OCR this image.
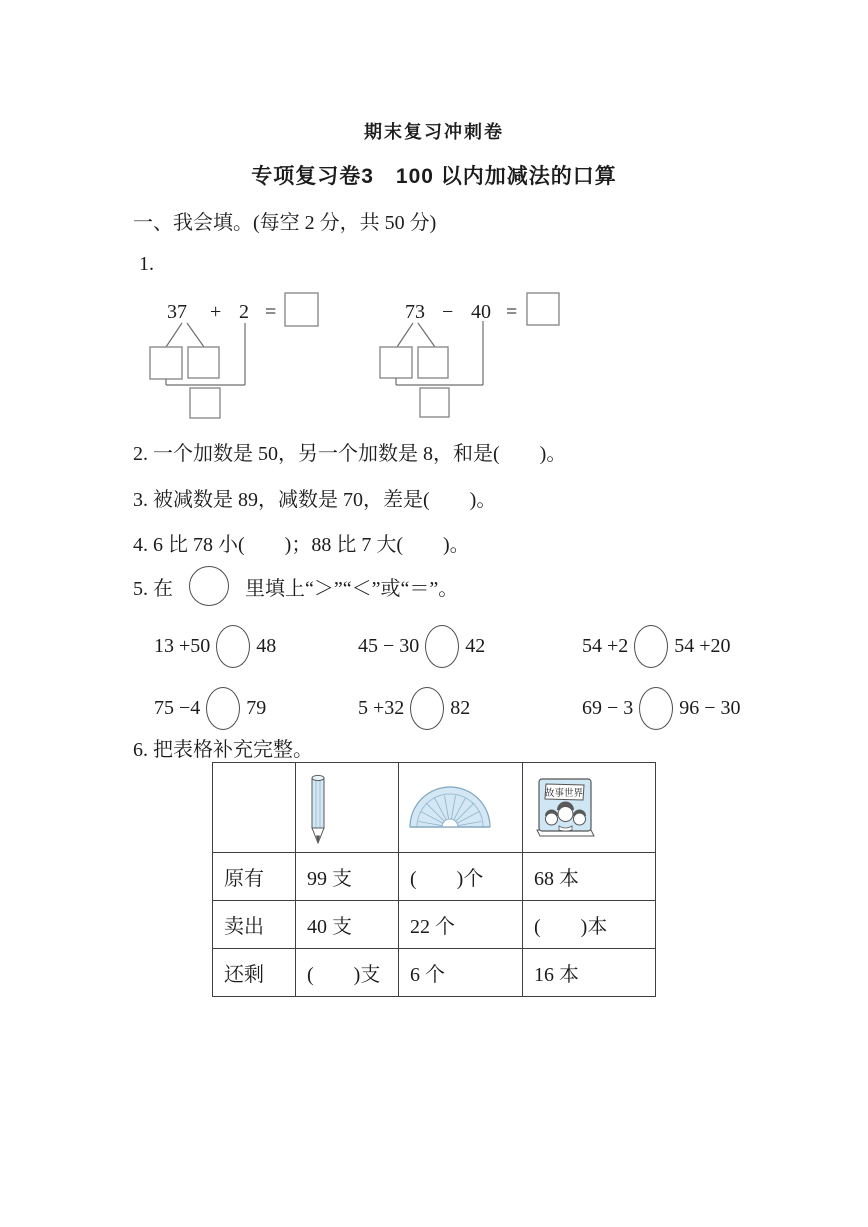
期末复习冲刺卷
专项复习卷3　100 以内加减法的口算
一、我会填。(每空 2 分，共 50 分)
1.
37 + 2 =	73 − 40 =
2. 一个加数是 50，另一个加数是 8，和是(　　)。
3. 被减数是 89，减数是 70，差是(　　)。
4. 6 比 78 小(　　)；88 比 7 大(　　)。
5. 在	里填上“＞”“＜”或“＝”。
13 +50 48	45 − 30 42	54 +2 54 +20
75 −4 79	5 +32 82	69 − 3 96 − 30
6. 把表格补充完整。

故事世界

原有	99 支	(　　)个	68 本
卖出	40 支	22 个	(　　)本
还剩	(　　)支	6 个	16 本
